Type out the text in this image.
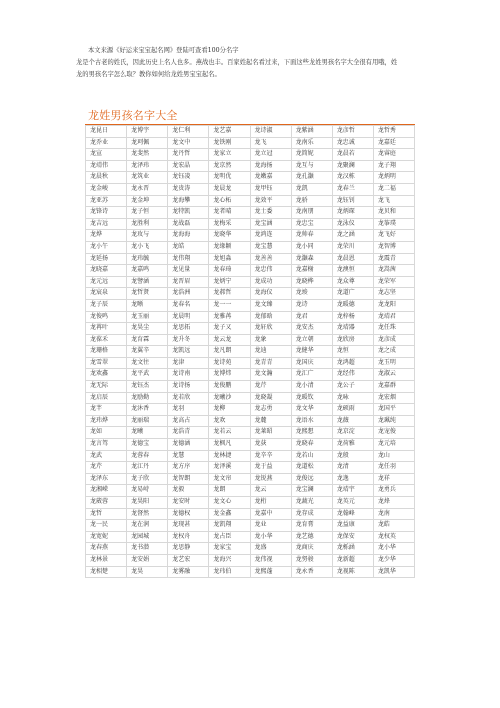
本文来源《好运来宝宝起名网》登陆可查看100分名字

龙是个古老的姓氏，因此历史上名人也多。燕战也丰。百家姓起名看过来，下面这些龙姓男孩名字大全很有用哦，姓

龙的男孩名字怎么取？教你如何给龙姓男宝宝起名。

龙姓男孩名字大全
龙昆日	龙博宇	龙仁利	龙艺嘉	龙诗淑	龙紫涵	龙彦哲	龙哲秀
龙乔业	龙珂佩	龙文中	龙铁刚	龙飞	龙南乐	龙忠诚	龙嘉廷
龙宣	龙斐然	龙丹哲	龙家立	龙立冠	龙简妮	龙晨若	龙睿庭
龙靖伟	龙泽玮	龙宏晶	龙京然	龙海扬	龙互与	龙聚澜	龙子翔
龙晨秋	龙筑业	龙钰凌	龙明优	龙嫩嘉	龙孔灏	龙汉栋	龙炳明
龙金峻	龙永晋	龙贵涛	龙晨龙	龙甲钰	龙凯	龙春兰	龙二福
龙亚苏	龙金坤	龙海攀	龙心柘	龙效平	龙骄	龙钰钊	龙飞
龙锋诗	龙子恒	龙特凯	龙者晴	龙士委	龙南朋	龙炳琛	龙贝和
龙吉远	龙胜利	龙战磊	龙梅采	龙宝涵	龙忠宝	龙泳仪	龙筝璞
龙烨	龙玫与	龙海海	龙晓华	龙鸿连	龙帅春	龙之涵	龙飞好
龙小午	龙小飞	龙皓	龙缘颖	龙宝慧	龙小同	龙荣川	龙智博
龙延扬	龙玮毓	龙伟翔	龙旭淼	龙善善	龙灏森	龙晨恩	龙震青
龙晓嘉	龙嘉鸣	龙见量	龙春琦	龙忠伟	龙嘉榭	龙澳恒	龙嵩茜
龙元远	龙譬涵	龙晋眉	龙炳宁	龙成功	龙晓桦	龙众尊	龙荣军
龙宸泉	龙哲贤	龙浩洲	龙郝哲	龙海仪	龙竣	龙道广	龙志坚
龙子辰	龙晰	龙春名	龙一一	龙文臻	龙诗	龙暖德	龙龙阳
龙俊鸣	龙玉丽	龙晨明	龙雅苒	龙郁晗	龙君	龙梓杨	龙靖君
龙苒叶	龙昊尘	龙思拓	龙子又	龙轩欣	龙安杰	龙靖器	龙任珠
龙葆禾	龙育霖	龙升冬	龙云龙	龙象	龙立朝	龙欣房	龙彦成
龙珊格	龙翼辛	龙凯远	龙凡朗	龙迪	龙健华	龙恒	龙之成
龙雪翠	龙文往	龙津	龙诗苑	龙青青	龙国庆	龙鸿超	龙玉明
龙欢鑫	龙平武	龙诗南	龙博炜	龙文瀚	龙汇广	龙经伟	龙淑云
龙无际	龙钰杰	龙诗扬	龙俊鹏	龙芹	龙小清	龙公子	龙嘉群
龙启辰	龙励勤	龙若欣	龙曦沙	龙晓凝	龙暖钦	龙咏	龙宏烟
龙芊	龙沐香	龙羽	龙柳	龙志勇	龙文华	龙硕雨	龙国平
龙玮烨	龙丽瑞	龙高占	龙欢	龙麓	龙语水	龙薇	龙珮纯
龙如	龙曦	龙浩青	龙若云	龙莱昭	龙熙想	龙京淀	龙宠俊
龙言驾	龙德宝	龙德涵	龙枫凡	龙荻	龙晓春	龙荷雅	龙元培
龙武	龙蓉春	龙慧	龙林捷	龙辛辛	龙若山	龙般	龙山
龙芹	龙江丹	龙方序	龙泽溪	龙于益	龙道松	龙清	龙任羽
龙泽东	龙子欣	龙智朗	龙文帘	龙锐燕	龙俊远	龙逸	龙祥
龙湘嵘	龙易峙	龙毅	龙朗	龙云	龙宝澜	龙靖宇	龙勇兵
龙葳蓉	龙昊阳	龙安时	龙文心	龙桁	龙蔬光	龙英元	龙烽
龙哲	龙督然	龙德权	龙金鑫	龙嘉中	龙存成	龙翰峰	龙南
龙一民	龙在润	龙现甚	龙凯翔	龙业	龙育膏	龙益康	龙皓
龙宽妮	龙园城	龙权舟	龙占臣	龙小华	龙艺德	龙保安	龙权英
龙春燕	龙书潜	龙思静	龙家宝	龙盛	龙商庆	龙栎涵	龙小华
龙林景	龙安娟	龙艺宏	龙海兴	龙伟视	龙努骏	龙新超	龙少华
龙相楚	龙昊	龙雾融	龙玮伯	龙熙蓬	龙永香	龙视陈	龙凯华
